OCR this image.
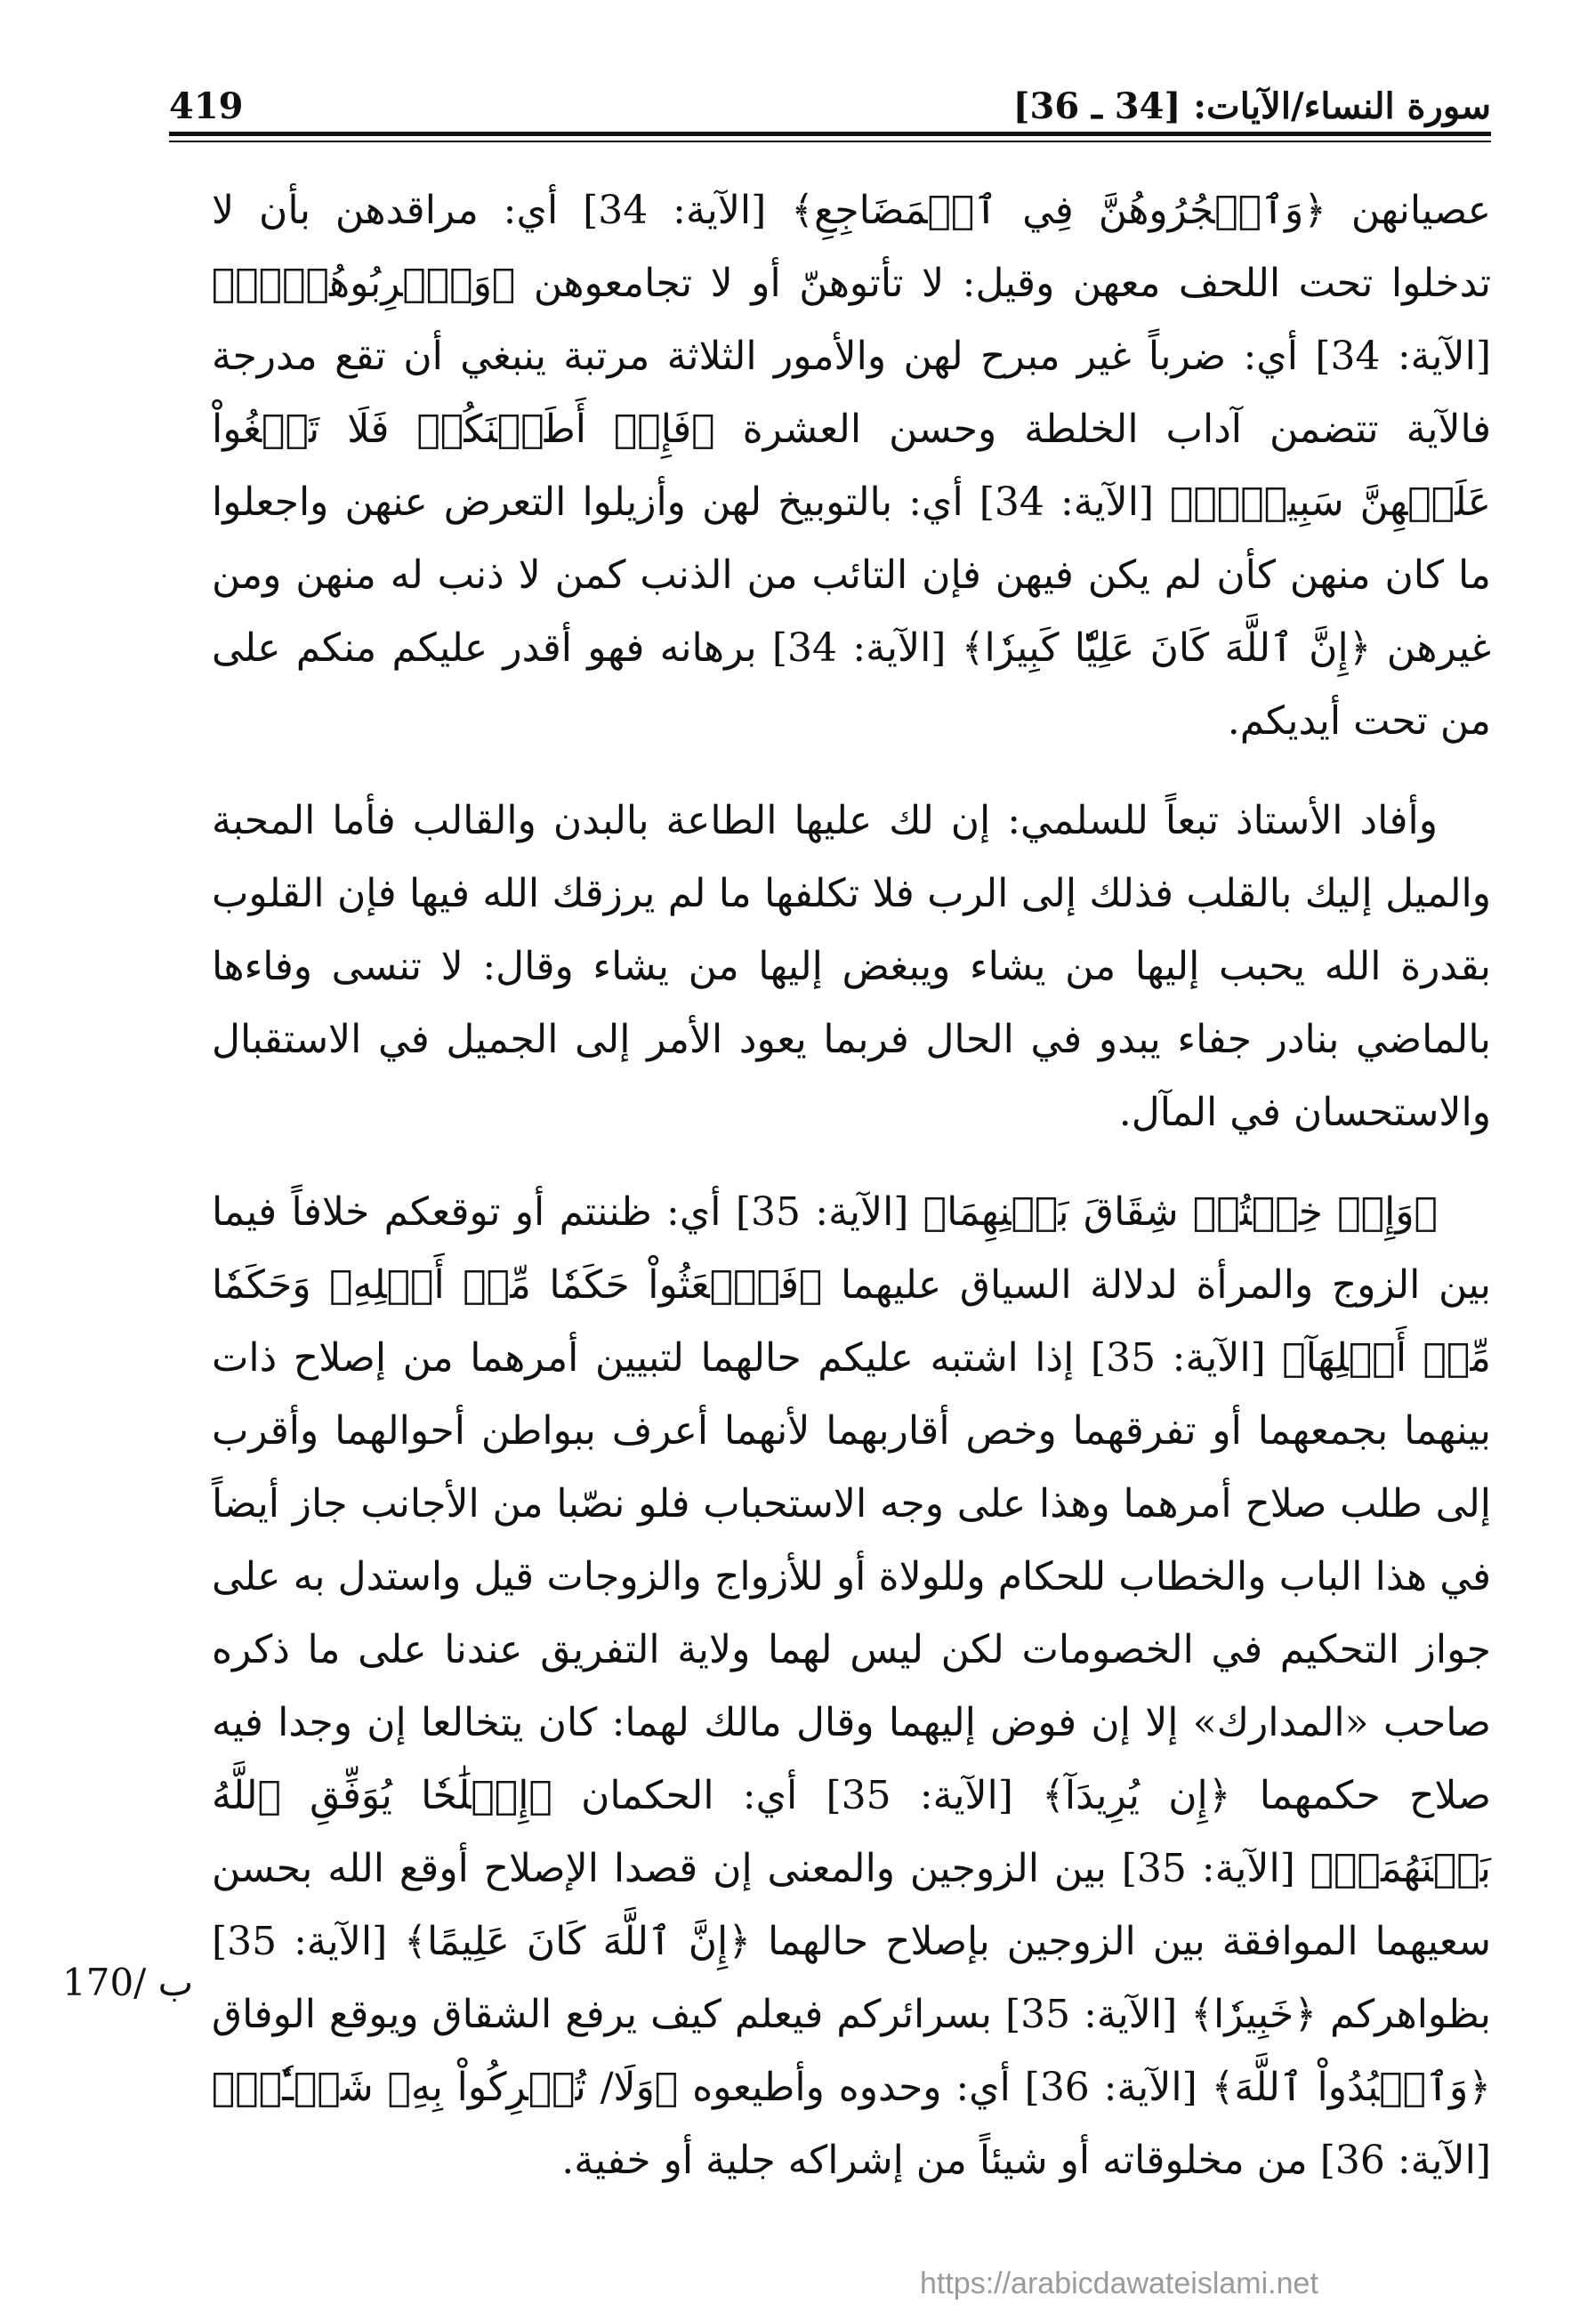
سورة النساء/الآيات: [34 ـ 36]
419

عصيانهن ﴿وَٱهۡجُرُوهُنَّ فِي ٱلۡمَضَاجِعِ﴾ [الآية: 34] أي: مراقدهن بأن لا تدخلوا تحت اللحف معهن وقيل: لا تأتوهنّ أو لا تجامعوهن ﴿وَٱضۡرِبُوهُنَّۖ﴾ [الآية: 34] أي: ضرباً غير مبرح لهن والأمور الثلاثة مرتبة ينبغي أن تقع مدرجة فالآية تتضمن آداب الخلطة وحسن العشرة ﴿فَإِنۡ أَطَعۡنَكُمۡ فَلَا تَبۡغُواْ عَلَيۡهِنَّ سَبِيلًاۗ﴾ [الآية: 34] أي: بالتوبيخ لهن وأزيلوا التعرض عنهن واجعلوا ما كان منهن كأن لم يكن فيهن فإن التائب من الذنب كمن لا ذنب له منهن ومن غيرهن ﴿إِنَّ ٱللَّهَ كَانَ عَلِيّٗا كَبِيرٗا﴾ [الآية: 34] برهانه فهو أقدر عليكم منكم على من تحت أيديكم.

وأفاد الأستاذ تبعاً للسلمي: إن لك عليها الطاعة بالبدن والقالب فأما المحبة والميل إليك بالقلب فذلك إلى الرب فلا تكلفها ما لم يرزقك الله فيها فإن القلوب بقدرة الله يحبب إليها من يشاء ويبغض إليها من يشاء وقال: لا تنسى وفاءها بالماضي بنادر جفاء يبدو في الحال فربما يعود الأمر إلى الجميل في الاستقبال والاستحسان في المآل.

﴿وَإِنۡ خِفۡتُمۡ شِقَاقَ بَيۡنِهِمَا﴾ [الآية: 35] أي: ظننتم أو توقعكم خلافاً فيما بين الزوج والمرأة لدلالة السياق عليهما ﴿فَٱبۡعَثُواْ حَكَمٗا مِّنۡ أَهۡلِهِۦ وَحَكَمٗا مِّنۡ أَهۡلِهَآ﴾ [الآية: 35] إذا اشتبه عليكم حالهما لتبيين أمرهما من إصلاح ذات بينهما بجمعهما أو تفرقهما وخص أقاربهما لأنهما أعرف ببواطن أحوالهما وأقرب إلى طلب صلاح أمرهما وهذا على وجه الاستحباب فلو نصّبا من الأجانب جاز أيضاً في هذا الباب والخطاب للحكام وللولاة أو للأزواج والزوجات قيل واستدل به على جواز التحكيم في الخصومات لكن ليس لهما ولاية التفريق عندنا على ما ذكره صاحب «المدارك» إلا إن فوض إليهما وقال مالك لهما: كان يتخالعا إن وجدا فيه صلاح حكمهما ﴿إِن يُرِيدَآ﴾ [الآية: 35] أي: الحكمان ﴿إِصۡلَٰحٗا يُوَفِّقِ ٱللَّهُ بَيۡنَهُمَآۗ﴾ [الآية: 35] بين الزوجين والمعنى إن قصدا الإصلاح أوقع الله بحسن سعيهما الموافقة بين الزوجين بإصلاح حالهما ﴿إِنَّ ٱللَّهَ كَانَ عَلِيمًا﴾ [الآية: 35] بظواهركم ﴿خَبِيرٗا﴾ [الآية: 35] بسرائركم فيعلم كيف يرفع الشقاق ويوقع الوفاق ﴿وَٱعۡبُدُواْ ٱللَّهَ﴾ [الآية: 36] أي: وحدوه وأطيعوه ﴿وَلَا/ تُشۡرِكُواْ بِهِۦ شَيۡـٔٗاۖ﴾ [الآية: 36] من مخلوقاته أو شيئاً من إشراكه جلية أو خفية.

170/ ب
https://arabicdawateislami.net
